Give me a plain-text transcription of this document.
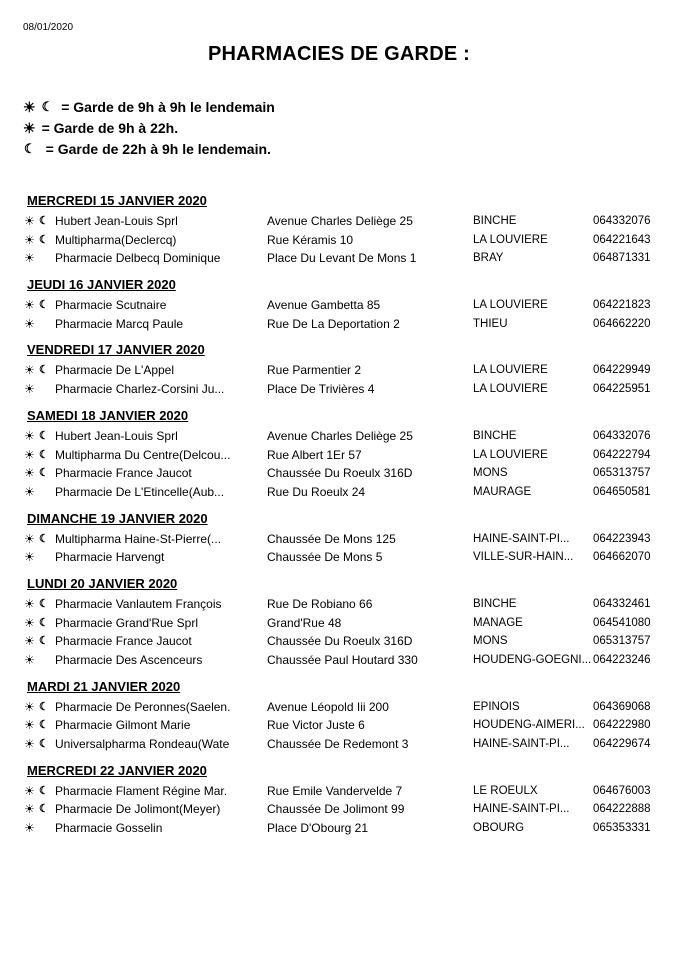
08/01/2020
PHARMACIES DE GARDE :
☀ ☾ = Garde de 9h à 9h le lendemain
☀ = Garde de 9h à 22h.
☾ = Garde de 22h à 9h le lendemain.
MERCREDI 15 JANVIER 2020
☀ ☾ Hubert Jean-Louis Sprl	Avenue Charles Deliège 25	BINCHE	064332076
☀ ☾ Multipharma(Declercq)	Rue Kéramis 10	LA LOUVIERE	064221643
☀ Pharmacie Delbecq Dominique	Place Du Levant De Mons 1	BRAY	064871331
JEUDI 16 JANVIER 2020
☀ ☾ Pharmacie Scutnaire	Avenue Gambetta 85	LA LOUVIERE	064221823
☀ Pharmacie Marcq Paule	Rue De La Deportation 2	THIEU	064662220
VENDREDI 17 JANVIER 2020
☀ ☾ Pharmacie De L'Appel	Rue Parmentier 2	LA LOUVIERE	064229949
☀ Pharmacie Charlez-Corsini Ju...	Place De Trivières 4	LA LOUVIERE	064225951
SAMEDI 18 JANVIER 2020
☀ ☾ Hubert Jean-Louis Sprl	Avenue Charles Deliège 25	BINCHE	064332076
☀ ☾ Multipharma Du Centre(Delcou...	Rue Albert 1Er 57	LA LOUVIERE	064222794
☀ ☾ Pharmacie France Jaucot	Chaussée Du Roeulx 316D	MONS	065313757
☀ Pharmacie De L'Etincelle(Aub...	Rue Du Roeulx 24	MAURAGE	064650581
DIMANCHE 19 JANVIER 2020
☀ ☾ Multipharma Haine-St-Pierre(...	Chaussée De Mons 125	HAINE-SAINT-PI...	064223943
☀ Pharmacie Harvengt	Chaussée De Mons 5	VILLE-SUR-HAIN...	064662070
LUNDI 20 JANVIER 2020
☀ ☾ Pharmacie Vanlautem François	Rue De Robiano 66	BINCHE	064332461
☀ ☾ Pharmacie Grand'Rue Sprl	Grand'Rue 48	MANAGE	064541080
☀ ☾ Pharmacie France Jaucot	Chaussée Du Roeulx 316D	MONS	065313757
☀ Pharmacie Des Ascenceurs	Chaussée Paul Houtard 330	HOUDENG-GOEGNI... 064223246
MARDI 21 JANVIER 2020
☀ ☾ Pharmacie De Peronnes(Saelen.	Avenue Léopold Iii 200	EPINOIS	064369068
☀ ☾ Pharmacie Gilmont Marie	Rue Victor Juste 6	HOUDENG-AIMERI... 064222980
☀ ☾ Universalpharma Rondeau(Wate	Chaussée De Redemont 3	HAINE-SAINT-PI...	064229674
MERCREDI 22 JANVIER 2020
☀ ☾ Pharmacie Flament Régine Mar.	Rue Emile Vandervelde 7	LE ROEULX	064676003
☀ ☾ Pharmacie De Jolimont(Meyer)	Chaussée De Jolimont 99	HAINE-SAINT-PI...	064222888
☀ Pharmacie Gosselin	Place D'Obourg 21	OBOURG	065353331
